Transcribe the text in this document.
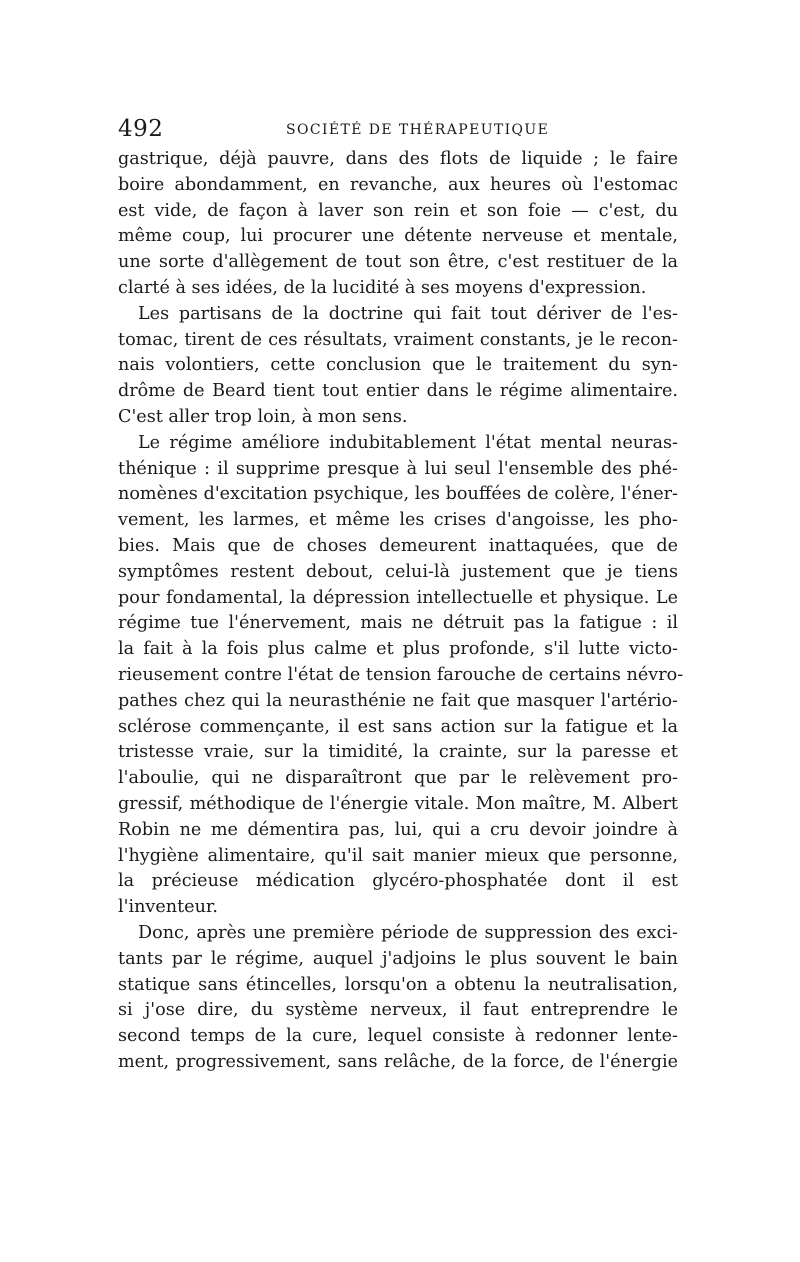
492	SOCIÉTÉ DE THÉRAPEUTIQUE
gastrique, déjà pauvre, dans des flots de liquide ; le faire
boire abondamment, en revanche, aux heures où l'estomac
est vide, de façon à laver son rein et son foie — c'est, du
même coup, lui procurer une détente nerveuse et mentale,
une sorte d'allègement de tout son être, c'est restituer de la
clarté à ses idées, de la lucidité à ses moyens d'expression.
Les partisans de la doctrine qui fait tout dériver de l'es-
tomac, tirent de ces résultats, vraiment constants, je le recon-
nais volontiers, cette conclusion que le traitement du syn-
drôme de Beard tient tout entier dans le régime alimentaire.
C'est aller trop loin, à mon sens.
Le régime améliore indubitablement l'état mental neuras-
thénique : il supprime presque à lui seul l'ensemble des phé-
nomènes d'excitation psychique, les bouffées de colère, l'éner-
vement, les larmes, et même les crises d'angoisse, les pho-
bies. Mais que de choses demeurent inattaquées, que de
symptômes restent debout, celui-là justement que je tiens
pour fondamental, la dépression intellectuelle et physique. Le
régime tue l'énervement, mais ne détruit pas la fatigue : il
la fait à la fois plus calme et plus profonde, s'il lutte victo-
rieusement contre l'état de tension farouche de certains névro-
pathes chez qui la neurasthénie ne fait que masquer l'artério-
sclérose commençante, il est sans action sur la fatigue et la
tristesse vraie, sur la timidité, la crainte, sur la paresse et
l'aboulie, qui ne disparaîtront que par le relèvement pro-
gressif, méthodique de l'énergie vitale. Mon maître, M. Albert
Robin ne me démentira pas, lui, qui a cru devoir joindre à
l'hygiène alimentaire, qu'il sait manier mieux que personne,
la précieuse médication glycéro-phosphatée dont il est
l'inventeur.
Donc, après une première période de suppression des exci-
tants par le régime, auquel j'adjoins le plus souvent le bain
statique sans étincelles, lorsqu'on a obtenu la neutralisation,
si j'ose dire, du système nerveux, il faut entreprendre le
second temps de la cure, lequel consiste à redonner lente-
ment, progressivement, sans relâche, de la force, de l'énergie
